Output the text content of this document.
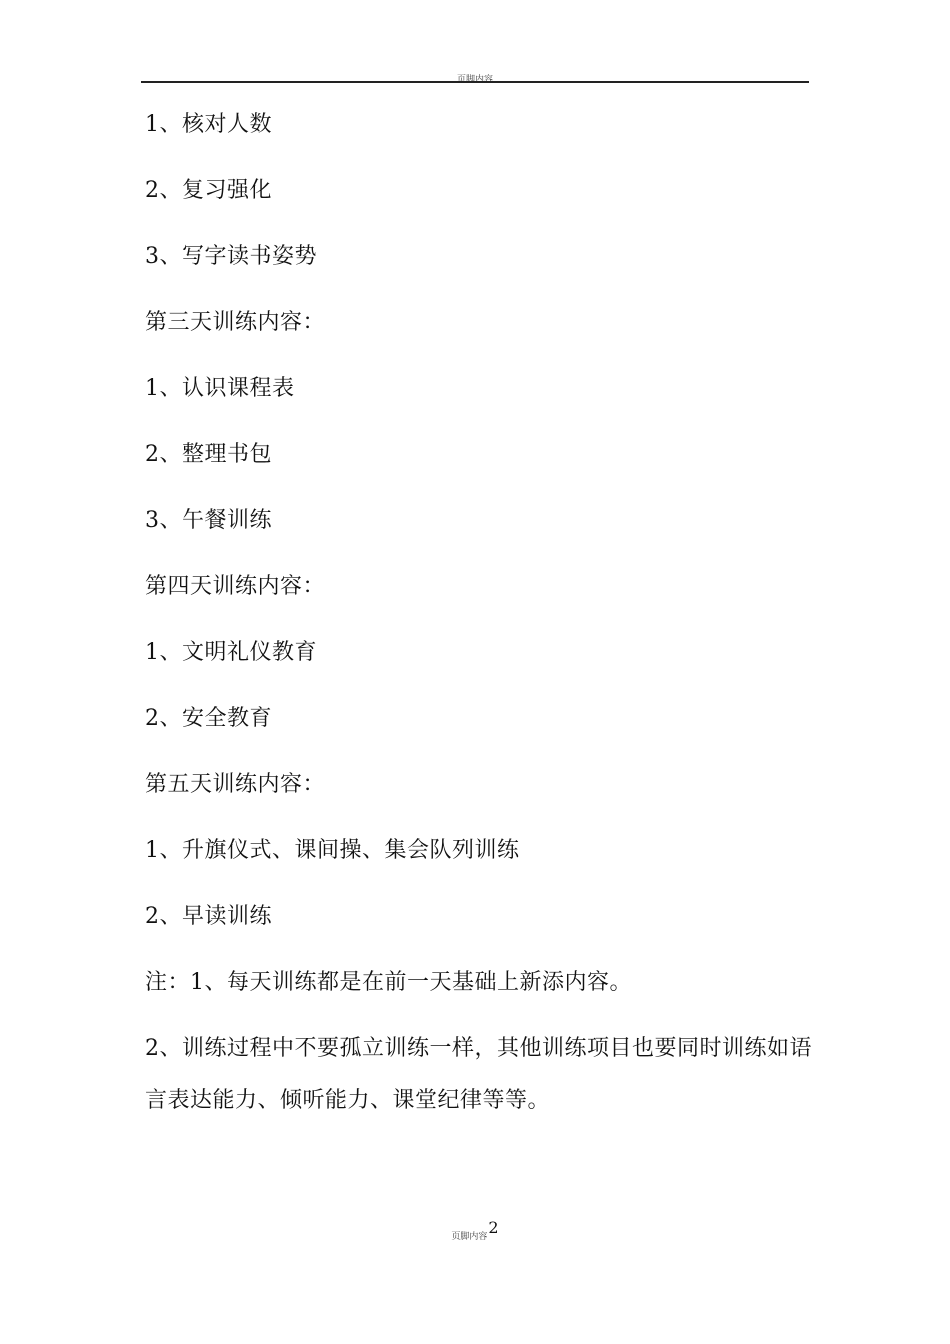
页脚内容
1、核对人数
2、复习强化
3、写字读书姿势
第三天训练内容：
1、认识课程表
2、整理书包
3、午餐训练
第四天训练内容：
1、文明礼仪教育
2、安全教育
第五天训练内容：
1、升旗仪式、课间操、集会队列训练
2、早读训练
注：1、每天训练都是在前一天基础上新添内容。
2、训练过程中不要孤立训练一样，其他训练项目也要同时训练如语
言表达能力、倾听能力、课堂纪律等等。
页脚内容2
